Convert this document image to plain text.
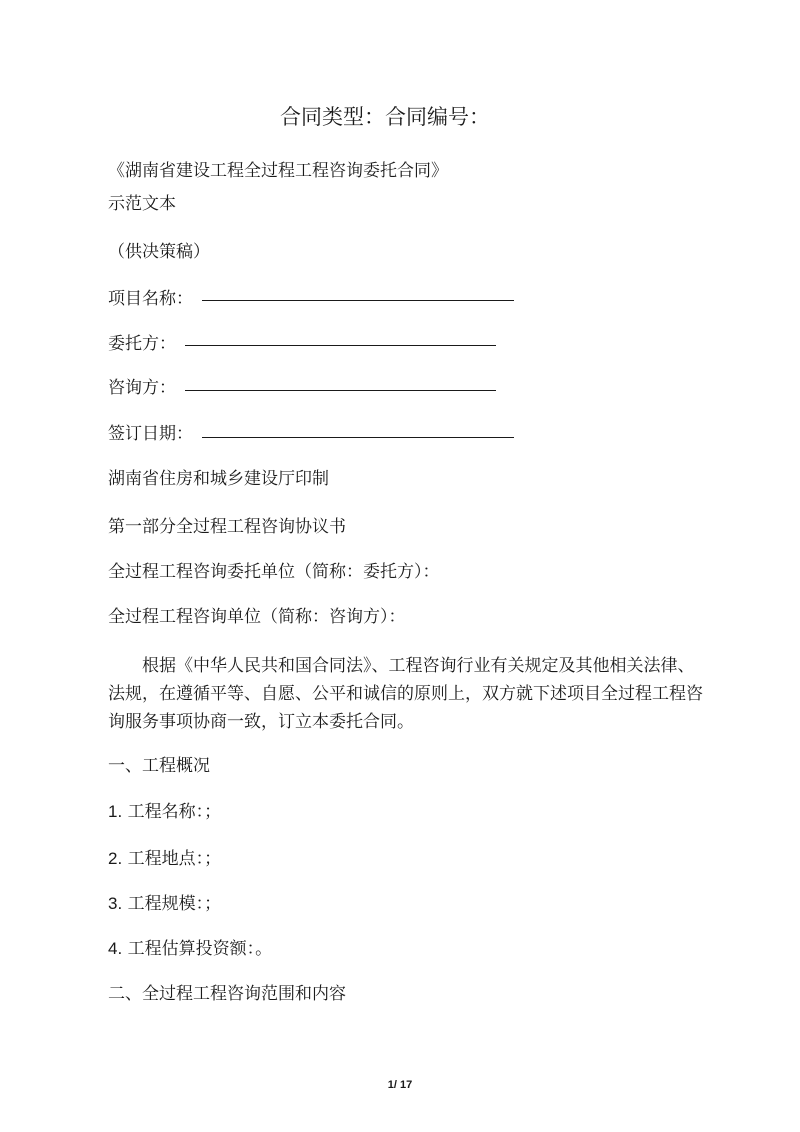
合同类型：合同编号：
《湖南省建设工程全过程工程咨询委托合同》
示范文本
（供决策稿）
项目名称：
委托方：
咨询方：
签订日期：
湖南省住房和城乡建设厅印制
第一部分全过程工程咨询协议书
全过程工程咨询委托单位（简称：委托方）：
全过程工程咨询单位（简称：咨询方）：
根据《中华人民共和国合同法》、工程咨询行业有关规定及其他相关法律、
法规，在遵循平等、自愿、公平和诚信的原则上，双方就下述项目全过程工程咨
询服务事项协商一致，订立本委托合同。
一、工程概况
1. 工程名称：；
2. 工程地点：；
3. 工程规模：；
4. 工程估算投资额：。
二、全过程工程咨询范围和内容
1/ 17
